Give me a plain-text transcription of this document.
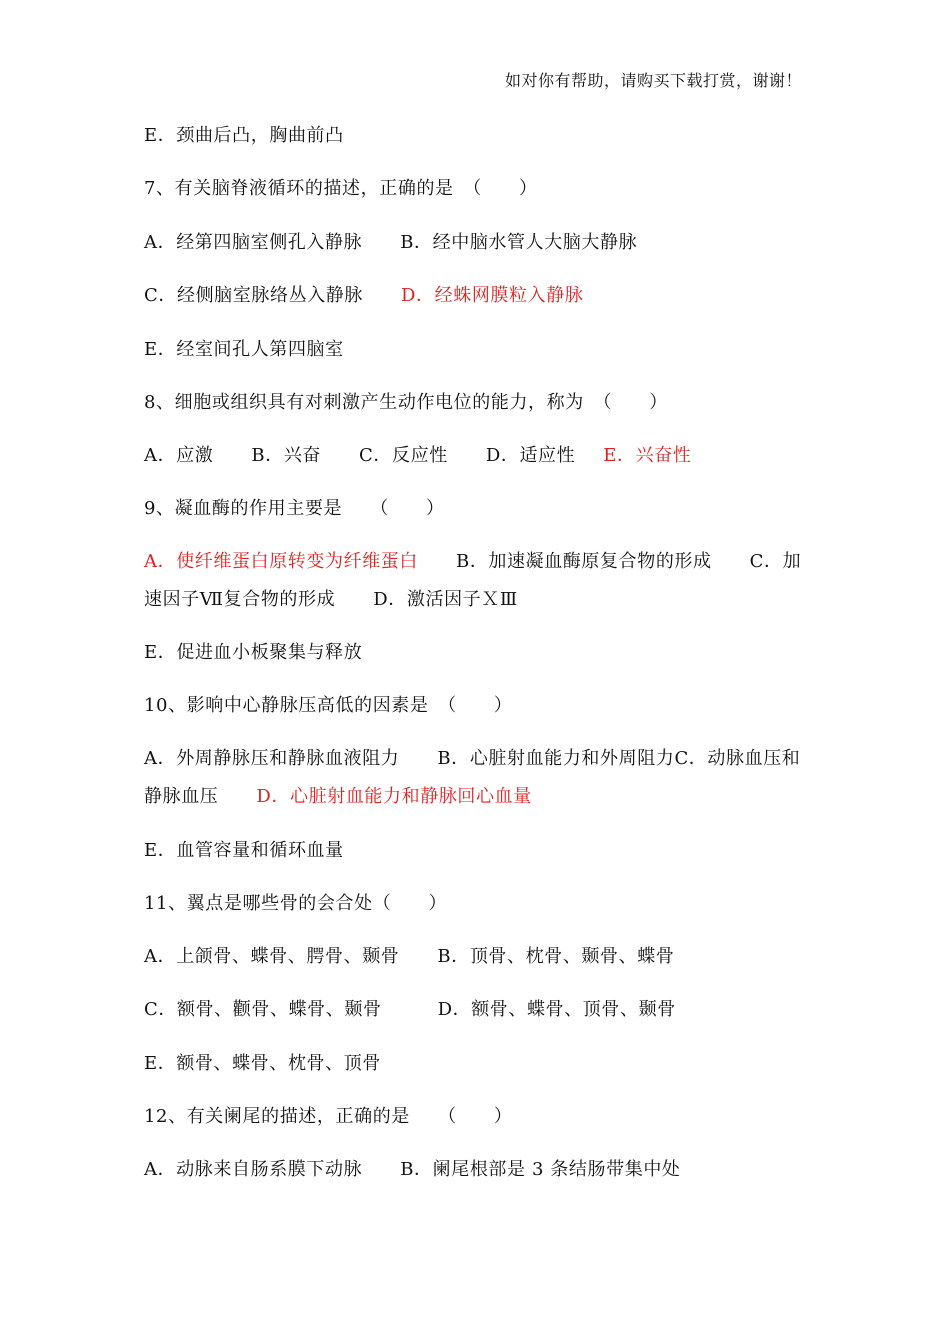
如对你有帮助，请购买下载打赏，谢谢！
E．颈曲后凸，胸曲前凸
7、有关脑脊液循环的描述，正确的是　（　　）
A．经第四脑室侧孔入静脉 B．经中脑水管人大脑大静脉
C．经侧脑室脉络丛入静脉 D．经蛛网膜粒入静脉
E．经室间孔人第四脑室
8、细胞或组织具有对刺激产生动作电位的能力，称为　（　　）
A．应激 B．兴奋 C．反应性 D．适应性 E．兴奋性
9、凝血酶的作用主要是　　（　　）
A．使纤维蛋白原转变为纤维蛋白 B．加速凝血酶原复合物的形成 C．加
速因子Ⅶ复合物的形成 D．激活因子ＸⅢ
E．促进血小板聚集与释放
10、影响中心静脉压高低的因素是　（　　）
A．外周静脉压和静脉血液阻力 B．心脏射血能力和外周阻力C．动脉血压和
静脉血压 D．心脏射血能力和静脉回心血量
E．血管容量和循环血量
11、翼点是哪些骨的会合处（　　）
A．上颌骨、蝶骨、腭骨、颞骨 B．顶骨、枕骨、颞骨、蝶骨
C．额骨、颧骨、蝶骨、颞骨	D．额骨、蝶骨、顶骨、颞骨
E．额骨、蝶骨、枕骨、顶骨
12、有关阑尾的描述，正确的是　　（　　）
A．动脉来自肠系膜下动脉 B．阑尾根部是 3 条结肠带集中处
